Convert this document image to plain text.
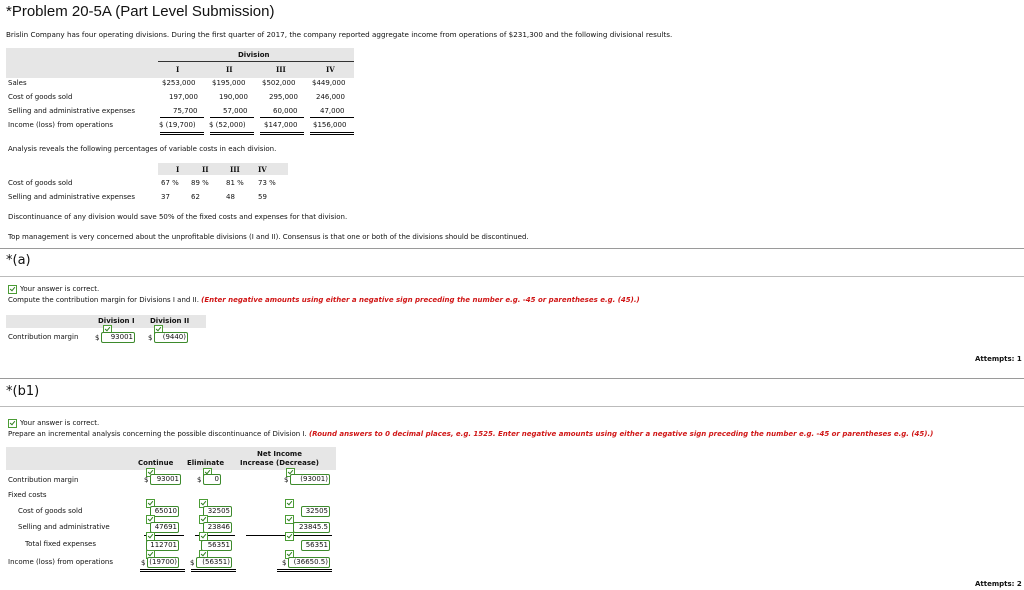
*Problem 20-5A (Part Level Submission)
Brislin Company has four operating divisions. During the first quarter of 2017, the company reported aggregate income from operations of $231,300 and the following divisional results.
Division
I	II	III	IV
Sales	$253,000 $195,000 $502,000 $449,000
Cost of goods sold	197,000	190,000	295,000	246,000
Selling and administrative expenses	75,700	57,000	60,000	47,000
Income (loss) from operations	$ (19,700) $ (52,000)	$147,000 $156,000
Analysis reveals the following percentages of variable costs in each division.
I	II	III	IV
Cost of goods sold	67 % 89 % 81 % 73 %
Selling and administrative expenses	37	62	48	59
Discontinuance of any division would save 50% of the fixed costs and expenses for that division.
Top management is very concerned about the unprofitable divisions (I and II). Consensus is that one or both of the divisions should be discontinued.
*(a)
Your answer is correct.
Compute the contribution margin for Divisions I and II. (Enter negative amounts using either a negative sign preceding the number e.g. -45 or parentheses e.g. (45).)
Division I Division II
Contribution margin $	93001 $	(9440)
Attempts: 1
*(b1)
Your answer is correct.
Prepare an incremental analysis concerning the possible discontinuance of Division I. (Round answers to 0 decimal places, e.g. 1525. Enter negative amounts using either a negative sign preceding the number e.g. -45 or parentheses e.g. (45).)
Net Income
Continue Eliminate Increase (Decrease)
Contribution margin	$	93001	$	0	$	(93001)
Fixed costs
Cost of goods sold	65010	32505	32505
Selling and administrative	47691	23846	23845.5
Total fixed expenses	112701	56351	56351
Income (loss) from operations	$ (19700) $	(56351)	$	(36650.5)
Attempts: 2
